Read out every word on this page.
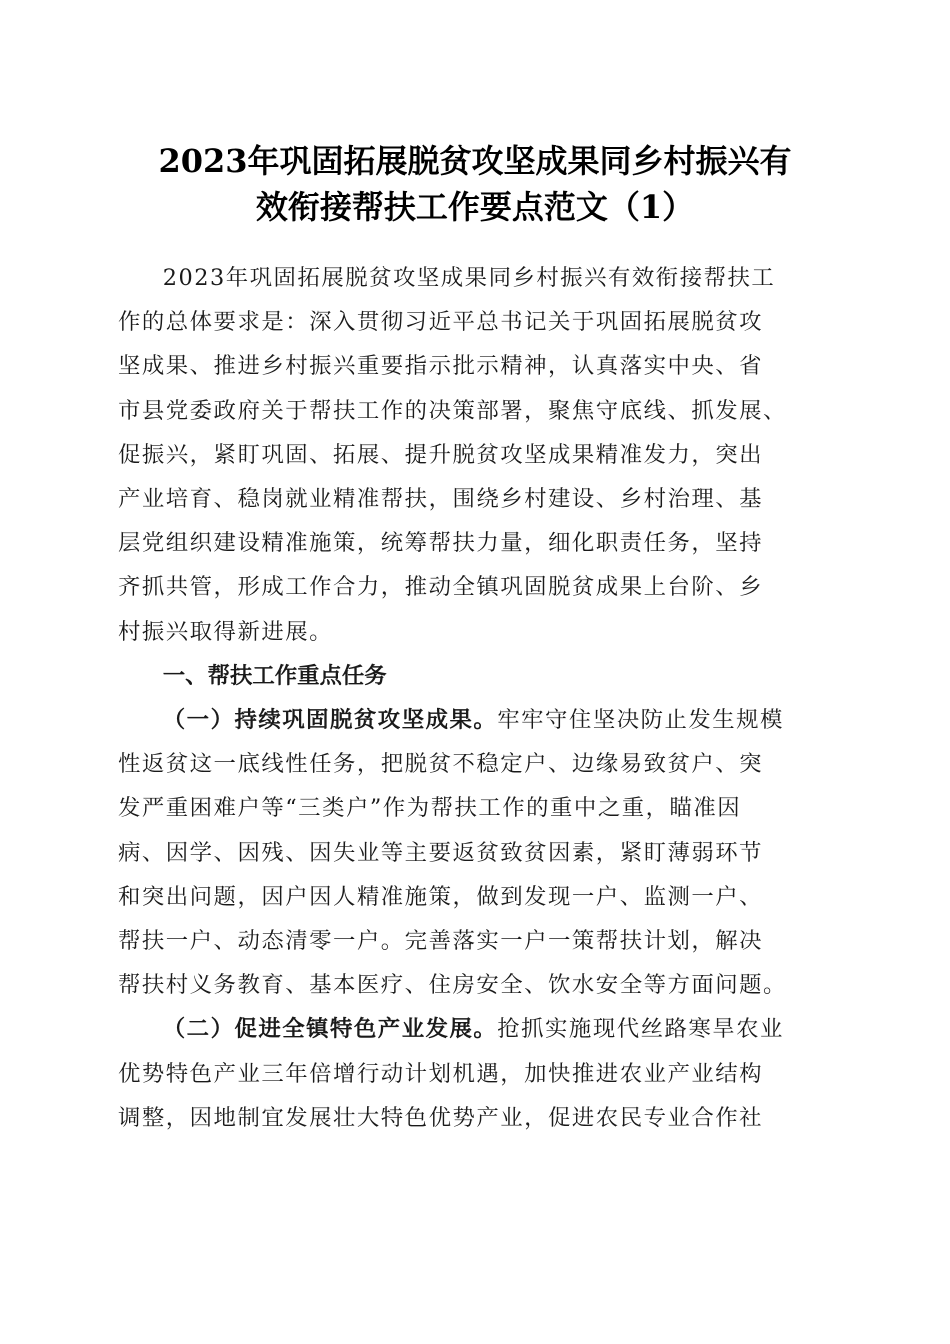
2023年巩固拓展脱贫攻坚成果同乡村振兴有
效衔接帮扶工作要点范文（1）
2023年巩固拓展脱贫攻坚成果同乡村振兴有效衔接帮扶工
作的总体要求是：深入贯彻习近平总书记关于巩固拓展脱贫攻
坚成果、推进乡村振兴重要指示批示精神，认真落实中央、省
市县党委政府关于帮扶工作的决策部署，聚焦守底线、抓发展、
促振兴，紧盯巩固、拓展、提升脱贫攻坚成果精准发力，突出
产业培育、稳岗就业精准帮扶，围绕乡村建设、乡村治理、基
层党组织建设精准施策，统筹帮扶力量，细化职责任务，坚持
齐抓共管，形成工作合力，推动全镇巩固脱贫成果上台阶、乡
村振兴取得新进展。
一、帮扶工作重点任务
（一）持续巩固脱贫攻坚成果。牢牢守住坚决防止发生规模
性返贫这一底线性任务，把脱贫不稳定户、边缘易致贫户、突
发严重困难户等“三类户”作为帮扶工作的重中之重，瞄准因
病、因学、因残、因失业等主要返贫致贫因素，紧盯薄弱环节
和突出问题，因户因人精准施策，做到发现一户、监测一户、
帮扶一户、动态清零一户。完善落实一户一策帮扶计划，解决
帮扶村义务教育、基本医疗、住房安全、饮水安全等方面问题。
（二）促进全镇特色产业发展。抢抓实施现代丝路寒旱农业
优势特色产业三年倍增行动计划机遇，加快推进农业产业结构
调整，因地制宜发展壮大特色优势产业，促进农民专业合作社
